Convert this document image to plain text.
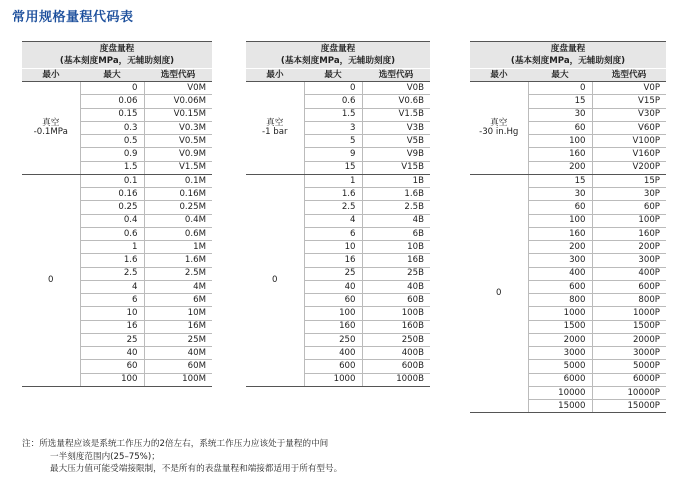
常用规格量程代码表
度盘量程
(基本刻度MPa，无辅助刻度)		

最小	最大	选型代码

真空
-0.1MPa	0	V0M
	0.06	V0.06M
	0.15	V0.15M
	0.3	V0.3M
	0.5	V0.5M
	0.9	V0.9M
	1.5	V1.5M

0	0.1	0.1M
	0.16	0.16M
	0.25	0.25M
	0.4	0.4M
	0.6	0.6M
	1	1M
	1.6	1.6M
	2.5	2.5M
	4	4M
	6	6M
	10	10M
	16	16M
	25	25M
	40	40M
	60	60M
	100	100M
度盘量程
(基本刻度MPa，无辅助刻度)		

最小	最大	选型代码

真空
-1 bar	0	V0B
	0.6	V0.6B
	1.5	V1.5B
	3	V3B
	5	V5B
	9	V9B
	15	V15B

0	1	1B
	1.6	1.6B
	2.5	2.5B
	4	4B
	6	6B
	10	10B
	16	16B
	25	25B
	40	40B
	60	60B
	100	100B
	160	160B
	250	250B
	400	400B
	600	600B
	1000	1000B
度盘量程
(基本刻度MPa，无辅助刻度)		

最小	最大	选型代码

真空
-30 in.Hg	0	V0P
	15	V15P
	30	V30P
	60	V60P
	100	V100P
	160	V160P
	200	V200P

0	15	15P
	30	30P
	60	60P
	100	100P
	160	160P
	200	200P
	300	300P
	400	400P
	600	600P
	800	800P
	1000	1000P
	1500	1500P
	2000	2000P
	3000	3000P
	5000	5000P
	6000	6000P
	10000	10000P
	15000	15000P
注：所选量程应该是系统工作压力的2倍左右，系统工作压力应该处于量程的中间
一半刻度范围内(25–75%)；
最大压力值可能受端接限制，不是所有的表盘量程和端接都适用于所有型号。
